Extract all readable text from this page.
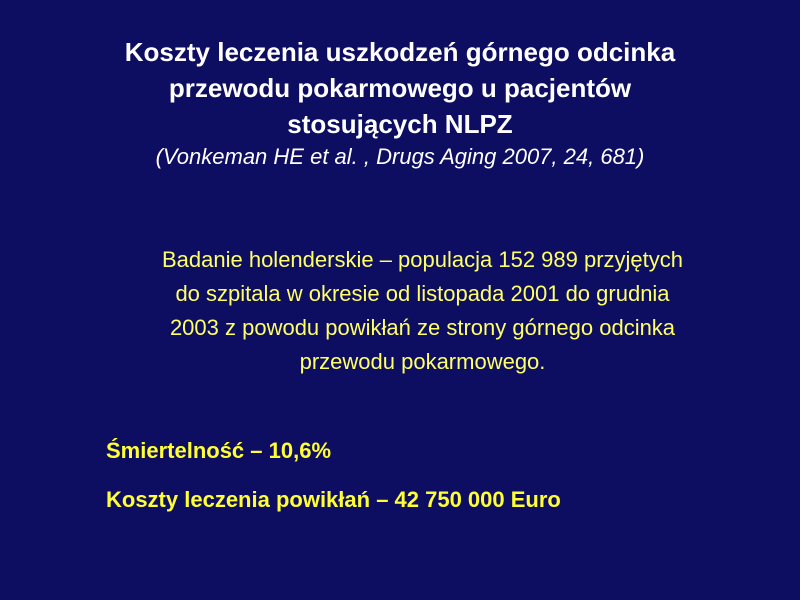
Koszty leczenia uszkodzeń górnego odcinka
przewodu pokarmowego u pacjentów
stosujących NLPZ
(Vonkeman HE et al. , Drugs Aging 2007, 24, 681)
Badanie holenderskie – populacja 152 989 przyjętych
do szpitala w okresie od listopada 2001 do grudnia
2003 z powodu powikłań ze strony górnego odcinka
przewodu pokarmowego.
Śmiertelność – 10,6%
Koszty leczenia powikłań – 42 750 000 Euro
